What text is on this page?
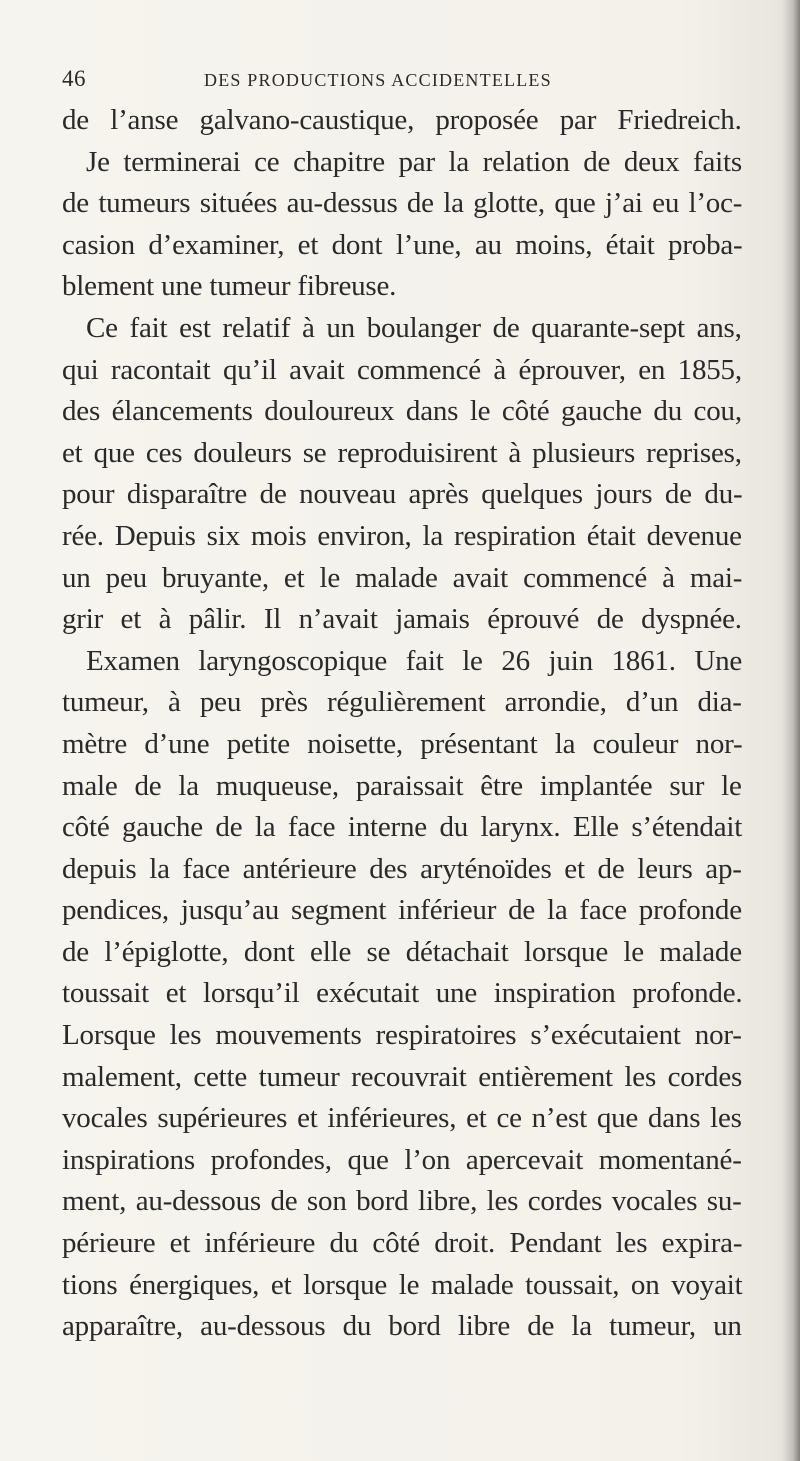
46	DES PRODUCTIONS ACCIDENTELLES
de l’anse galvano-caustique, proposée par Friedreich.
Je terminerai ce chapitre par la relation de deux faits
de tumeurs situées au-dessus de la glotte, que j’ai eu l’oc-
casion d’examiner, et dont l’une, au moins, était proba-
blement une tumeur fibreuse.
Ce fait est relatif à un boulanger de quarante-sept ans,
qui racontait qu’il avait commencé à éprouver, en 1855,
des élancements douloureux dans le côté gauche du cou,
et que ces douleurs se reproduisirent à plusieurs reprises,
pour disparaître de nouveau après quelques jours de du-
rée. Depuis six mois environ, la respiration était devenue
un peu bruyante, et le malade avait commencé à mai-
grir et à pâlir. Il n’avait jamais éprouvé de dyspnée.
Examen laryngoscopique fait le 26 juin 1861. Une
tumeur, à peu près régulièrement arrondie, d’un dia-
mètre d’une petite noisette, présentant la couleur nor-
male de la muqueuse, paraissait être implantée sur le
côté gauche de la face interne du larynx. Elle s’étendait
depuis la face antérieure des aryténoïdes et de leurs ap-
pendices, jusqu’au segment inférieur de la face profonde
de l’épiglotte, dont elle se détachait lorsque le malade
toussait et lorsqu’il exécutait une inspiration profonde.
Lorsque les mouvements respiratoires s’exécutaient nor-
malement, cette tumeur recouvrait entièrement les cordes
vocales supérieures et inférieures, et ce n’est que dans les
inspirations profondes, que l’on apercevait momentané-
ment, au-dessous de son bord libre, les cordes vocales su-
périeure et inférieure du côté droit. Pendant les expira-
tions énergiques, et lorsque le malade toussait, on voyait
apparaître, au-dessous du bord libre de la tumeur, un
